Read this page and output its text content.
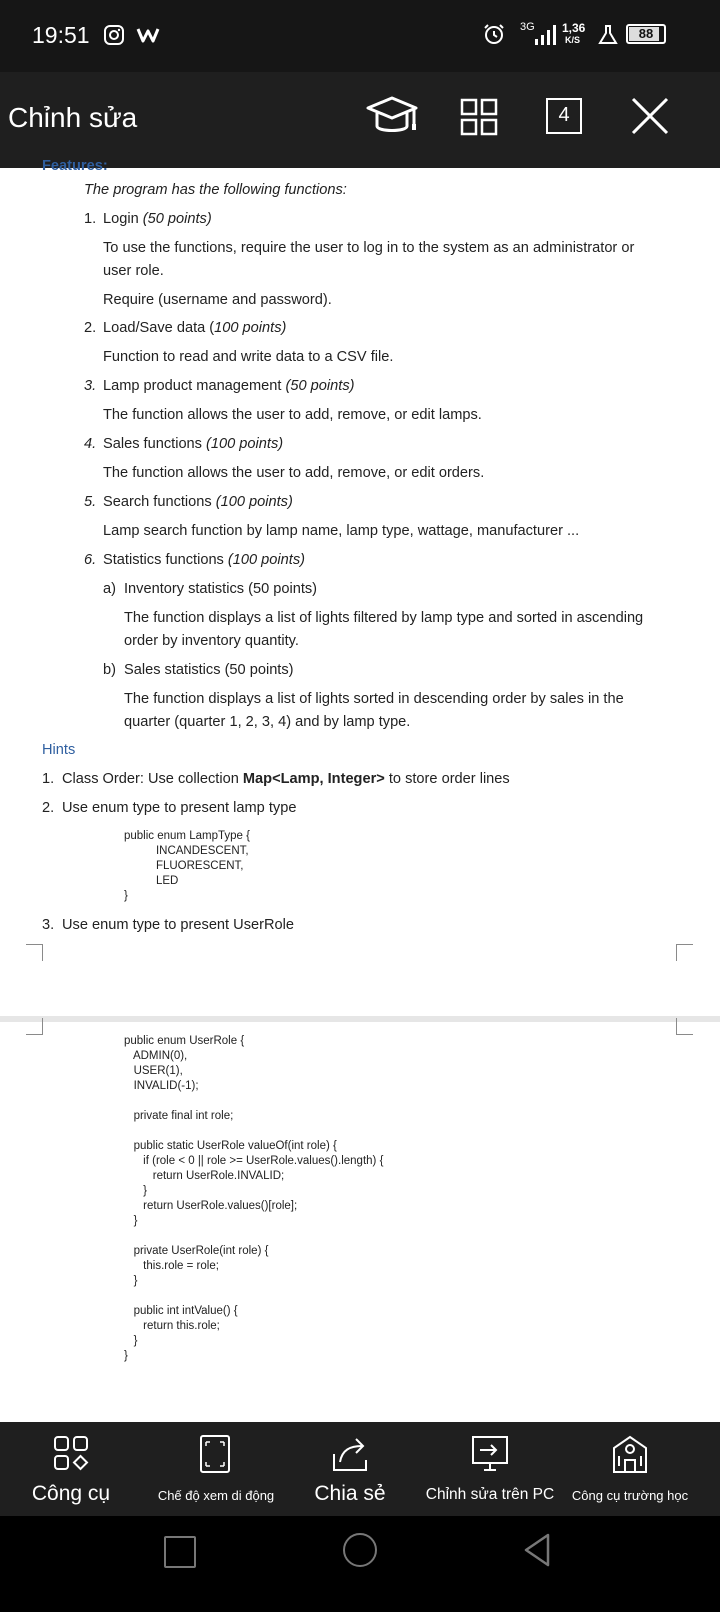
19:51	3G 1,36
K/S	88
Chỉnh sửa	4
Features:
The program has the following functions:
1. Login (50 points)
To use the functions, require the user to log in to the system as an administrator or
user role.
Require (username and password).
2. Load/Save data (100 points)
Function to read and write data to a CSV file.
3. Lamp product management (50 points)
The function allows the user to add, remove, or edit lamps.
4. Sales functions (100 points)
The function allows the user to add, remove, or edit orders.
5. Search functions (100 points)
Lamp search function by lamp name, lamp type, wattage, manufacturer ...
6. Statistics functions (100 points)
a) Inventory statistics (50 points)
The function displays a list of lights filtered by lamp type and sorted in ascending
order by inventory quantity.
b) Sales statistics (50 points)
The function displays a list of lights sorted in descending order by sales in the
quarter (quarter 1, 2, 3, 4) and by lamp type.
Hints
1. Class Order: Use collection Map<Lamp, Integer> to store order lines
2. Use enum type to present lamp type
public enum LampType {
INCANDESCENT,
FLUORESCENT,
LED
}
3. Use enum type to present UserRole
public enum UserRole {
ADMIN(0),
USER(1),
INVALID(-1);

private final int role;

public static UserRole valueOf(int role) {
if (role < 0 || role >= UserRole.values().length) {
return UserRole.INVALID;
}
return UserRole.values()[role];
}

private UserRole(int role) {
this.role = role;
}

public int intValue() {
return this.role;
}
}
Công cụ	Chế độ xem di động	Chia sẻ	Chỉnh sửa trên PC	Công cụ trường học
